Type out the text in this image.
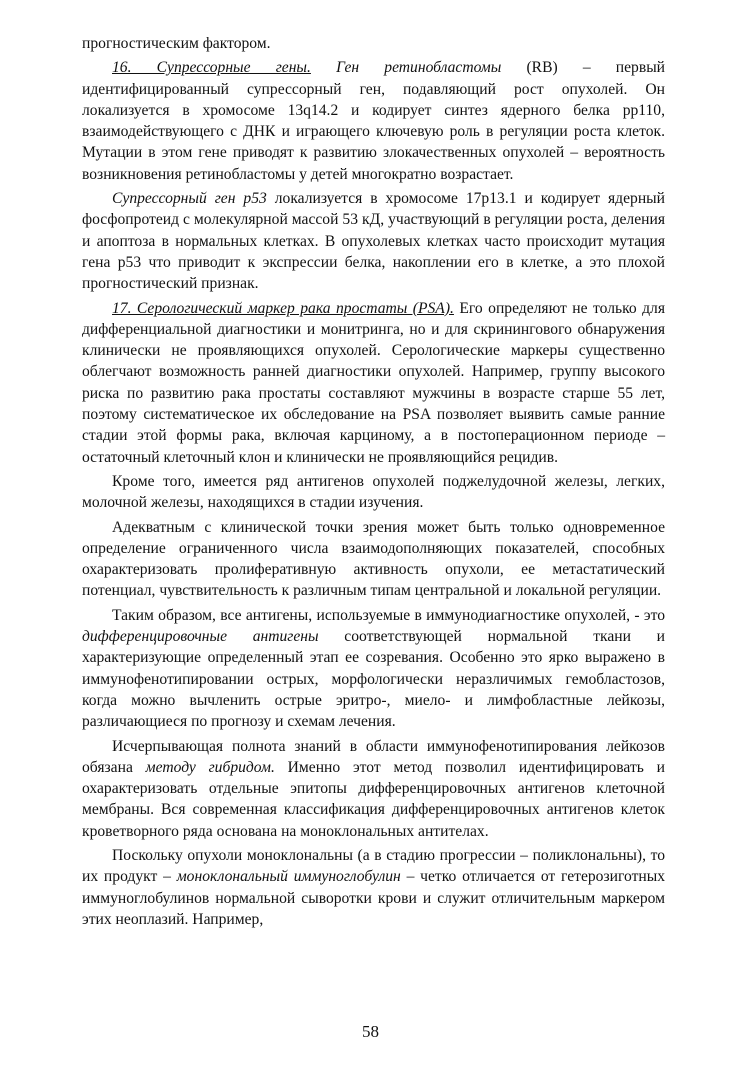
прогностическим фактором.

16. Супрессорные гены. Ген ретинобластомы (RB) – первый идентифицированный супрессорный ген, подавляющий рост опухолей. Он локализуется в хромосоме 13q14.2 и кодирует синтез ядерного белка pp110, взаимодействующего с ДНК и играющего ключевую роль в регуляции роста клеток. Мутации в этом гене приводят к развитию злокачественных опухолей – вероятность возникновения ретинобластомы у детей многократно возрастает.

Супрессорный ген р53 локализуется в хромосоме 17p13.1 и кодирует ядерный фосфопротеид с молекулярной массой 53 кД, участвующий в регуляции роста, деления и апоптоза в нормальных клетках. В опухолевых клетках часто происходит мутация гена р53 что приводит к экспрессии белка, накоплении его в клетке, а это плохой прогностический признак.

17. Серологический маркер рака простаты (PSA). Его определяют не только для дифференциальной диагностики и монитринга, но и для скринингового обнаружения клинически не проявляющихся опухолей. Серологические маркеры существенно облегчают возможность ранней диагностики опухолей. Например, группу высокого риска по развитию рака простаты составляют мужчины в возрасте старше 55 лет, поэтому систематическое их обследование на PSA позволяет выявить самые ранние стадии этой формы рака, включая карциному, а в постоперационном периоде – остаточный клеточный клон и клинически не проявляющийся рецидив.

Кроме того, имеется ряд антигенов опухолей поджелудочной железы, легких, молочной железы, находящихся в стадии изучения.

Адекватным с клинической точки зрения может быть только одновременное определение ограниченного числа взаимодополняющих показателей, способных охарактеризовать пролиферативную активность опухоли, ее метастатический потенциал, чувствительность к различным типам центральной и локальной регуляции.

Таким образом, все антигены, используемые в иммунодиагностике опухолей, - это дифференцировочные антигены соответствующей нормальной ткани и характеризующие определенный этап ее созревания. Особенно это ярко выражено в иммунофенотипировании острых, морфологически неразличимых гемобластозов, когда можно вычленить острые эритро-, миело- и лимфобластные лейкозы, различающиеся по прогнозу и схемам лечения.

Исчерпывающая полнота знаний в области иммунофенотипирования лейкозов обязана методу гибридом. Именно этот метод позволил идентифицировать и охарактеризовать отдельные эпитопы дифференцировочных антигенов клеточной мембраны. Вся современная классификация дифференцировочных антигенов клеток кроветворного ряда основана на моноклональных антителах.

Поскольку опухоли моноклональны (а в стадию прогрессии – поликлональны), то их продукт – моноклональный иммуноглобулин – четко отличается от гетерозиготных иммуноглобулинов нормальной сыворотки крови и служит отличительным маркером этих неоплазий. Например,

58
